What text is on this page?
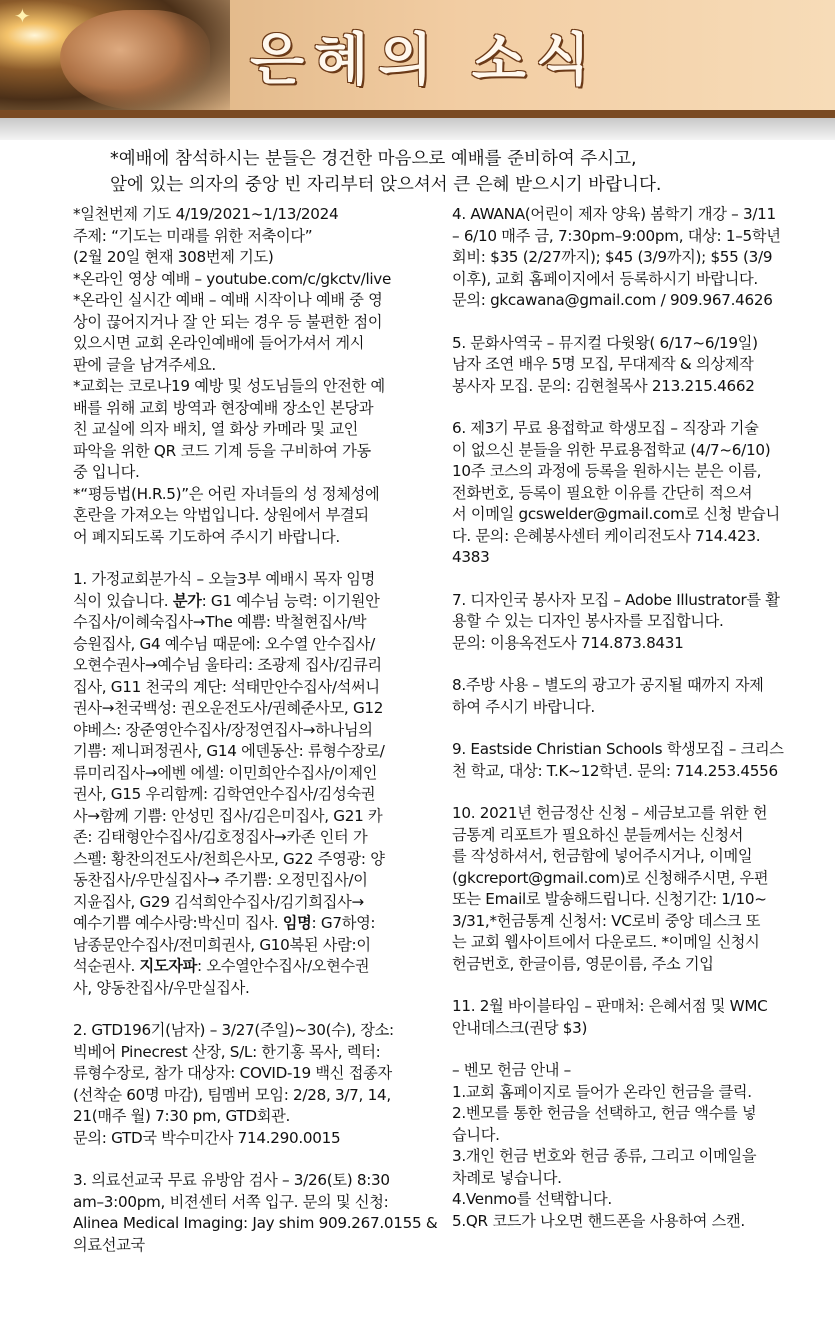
✦
은혜의 소식
*예배에 참석하시는 분들은 경건한 마음으로 예배를 준비하여 주시고,
앞에 있는 의자의 중앙 빈 자리부터 앉으셔서 큰 은혜 받으시기 바랍니다.
*일천번제 기도 4/19/2021~1/13/2024
주제: “기도는 미래를 위한 저축이다”
(2월 20일 현재 308번제 기도)
*온라인 영상 예배 – youtube.com/c/gkctv/live
*온라인 실시간 예배 – 예배 시작이나 예배 중 영
상이 끊어지거나 잘 안 되는 경우 등 불편한 점이
있으시면 교회 온라인예배에 들어가셔서 게시
판에 글을 남겨주세요.
*교회는 코로나19 예방 및 성도님들의 안전한 예
배를 위해 교회 방역과 현장예배 장소인 본당과
친 교실에 의자 배치, 열 화상 카메라 및 교인
파악을 위한 QR 코드 기계 등을 구비하여 가동
중 입니다.
*“평등법(H.R.5)”은 어린 자녀들의 성 정체성에
혼란을 가져오는 악법입니다. 상원에서 부결되
어 폐지되도록 기도하여 주시기 바랍니다.
1. 가정교회분가식 – 오늘3부 예배시 목자 임명
식이 있습니다. 분가: G1 예수님 능력: 이기원안
수집사/이혜숙집사→The 예쁨: 박철현집사/박
승원집사, G4 예수님 때문에: 오수열 안수집사/
오현수권사→예수님 울타리: 조광제 집사/김큐리
집사, G11 천국의 계단: 석태만안수집사/석써니
권사→천국백성: 권오운전도사/권혜준사모, G12
야베스: 장준영안수집사/장정연집사→하나님의
기쁨: 제니퍼정권사, G14 에덴동산: 류형수장로/
류미리집사→에벤 에셀: 이민희안수집사/이제인
권사, G15 우리함께: 김학연안수집사/김성숙권
사→함께 기쁨: 안성민 집사/김은미집사, G21 카
존: 김태형안수집사/김호정집사→카존 인터 가
스펠: 황찬의전도사/천희은사모, G22 주영광: 양
동찬집사/우만실집사→ 주기쁨: 오정민집사/이
지윤집사, G29 김석희안수집사/김기희집사→
예수기쁨 예수사랑:박신미 집사. 임명: G7하영:
남종문안수집사/전미희권사, G10복된 사람:이
석순권사. 지도자파: 오수열안수집사/오현수권
사, 양동찬집사/우만실집사.
2. GTD196기(남자) – 3/27(주일)~30(수), 장소:
빅베어 Pinecrest 산장, S/L: 한기홍 목사, 렉터:
류형수장로, 참가 대상자: COVID-19 백신 접종자
(선착순 60명 마감), 팀멤버 모임: 2/28, 3/7, 14,
21(매주 월) 7:30 pm, GTD회관.
문의: GTD국 박수미간사 714.290.0015
3. 의료선교국 무료 유방암 검사 – 3/26(토) 8:30
am–3:00pm, 비젼센터 서쪽 입구. 문의 및 신청:
Alinea Medical Imaging: Jay shim 909.267.0155 &
의료선교국
4. AWANA(어린이 제자 양육) 봄학기 개강 – 3/11
– 6/10 매주 금, 7:30pm–9:00pm, 대상: 1–5학년
회비: $35 (2/27까지); $45 (3/9까지); $55 (3/9
이후), 교회 홈페이지에서 등록하시기 바랍니다.
문의: gkcawana@gmail.com / 909.967.4626
5. 문화사역국 – 뮤지컬 다윗왕( 6/17~6/19일)
남자 조연 배우 5명 모집, 무대제작 & 의상제작
봉사자 모집. 문의: 김현철목사 213.215.4662
6. 제3기 무료 용접학교 학생모집 – 직장과 기술
이 없으신 분들을 위한 무료용접학교 (4/7~6/10)
10주 코스의 과정에 등록을 원하시는 분은 이름,
전화번호, 등록이 필요한 이유를 간단히 적으셔
서 이메일 gcswelder@gmail.com로 신청 받습니
다. 문의: 은혜봉사센터 케이리전도사 714.423.
4383
7. 디자인국 봉사자 모집 – Adobe Illustrator를 활
용할 수 있는 디자인 봉사자를 모집합니다.
문의: 이용옥전도사 714.873.8431
8.주방 사용 – 별도의 광고가 공지될 때까지 자제
하여 주시기 바랍니다.
9. Eastside Christian Schools 학생모집 – 크리스
천 학교, 대상: T.K~12학년. 문의: 714.253.4556
10. 2021년 헌금정산 신청 – 세금보고를 위한 헌
금통계 리포트가 필요하신 분들께서는 신청서
를 작성하셔서, 헌금함에 넣어주시거나, 이메일
(gkcreport@gmail.com)로 신청해주시면, 우편
또는 Email로 발송해드립니다. 신청기간: 1/10~
3/31,*헌금통계 신청서: VC로비 중앙 데스크 또
는 교회 웹사이트에서 다운로드. *이메일 신청시
헌금번호, 한글이름, 영문이름, 주소 기입
11. 2월 바이블타임 – 판매처: 은혜서점 및 WMC
안내데스크(권당 $3)
– 벤모 헌금 안내 –
1.교회 홈페이지로 들어가 온라인 헌금을 클릭.
2.벤모를 통한 헌금을 선택하고, 헌금 액수를 넣
습니다.
3.개인 헌금 번호와 헌금 종류, 그리고 이메일을
차례로 넣습니다.
4.Venmo를 선택합니다.
5.QR 코드가 나오면 핸드폰을 사용하여 스캔.
